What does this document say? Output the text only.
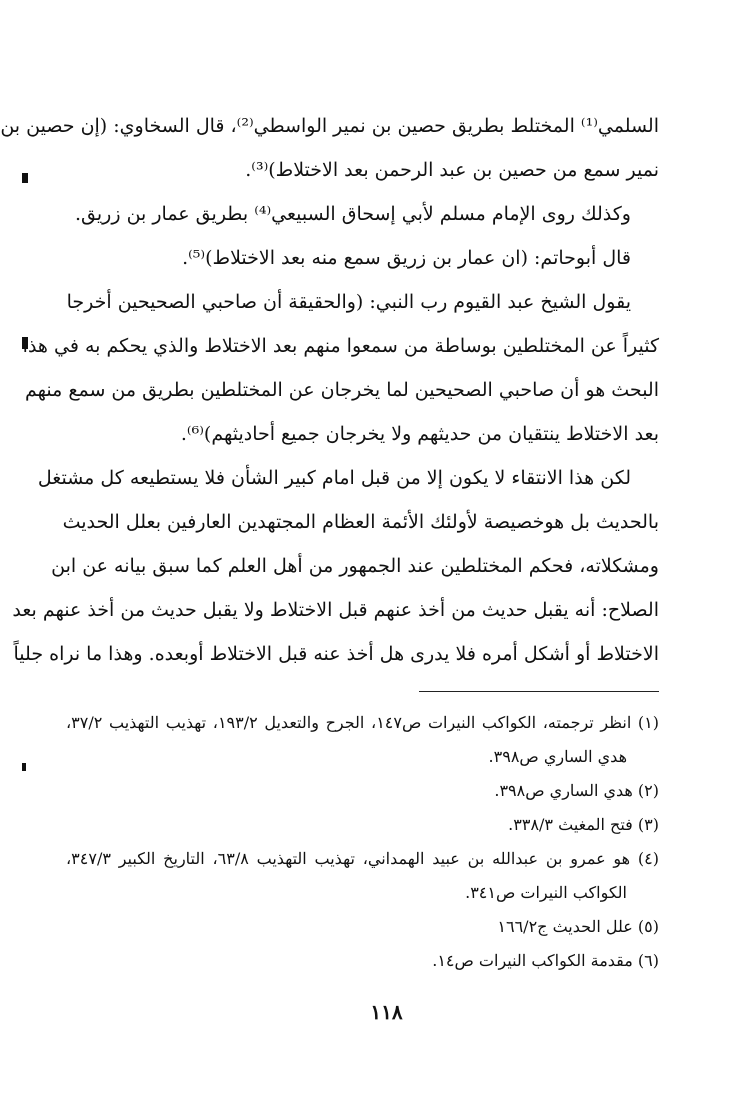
السلمي⁽¹⁾ المختلط بطريق حصين بن نمير الواسطي⁽²⁾، قال السخاوي: (إن حصين بن
نمير سمع من حصين بن عبد الرحمن بعد الاختلاط)⁽³⁾.
وكذلك روى الإمام مسلم لأبي إسحاق السبيعي⁽⁴⁾ بطريق عمار بن زريق.
قال أبوحاتم: (ان عمار بن زريق سمع منه بعد الاختلاط)⁽⁵⁾.
يقول الشيخ عبد القيوم رب النبي: (والحقيقة أن صاحبي الصحيحين أخرجا
كثيراً عن المختلطين بوساطة من سمعوا منهم بعد الاختلاط والذي يحكم به في هذا
البحث هو أن صاحبي الصحيحين لما يخرجان عن المختلطين بطريق من سمع منهم
بعد الاختلاط ينتقيان من حديثهم ولا يخرجان جميع أحاديثهم)⁽⁶⁾.
لكن هذا الانتقاء لا يكون إلا من قبل امام كبير الشأن فلا يستطيعه كل مشتغل
بالحديث بل هوخصيصة لأولئك الأئمة العظام المجتهدين العارفين بعلل الحديث
ومشكلاته، فحكم المختلطين عند الجمهور من أهل العلم كما سبق بيانه عن ابن
الصلاح: أنه يقبل حديث من أخذ عنهم قبل الاختلاط ولا يقبل حديث من أخذ عنهم بعد
الاختلاط أو أشكل أمره فلا يدرى هل أخذ عنه قبل الاختلاط أوبعده. وهذا ما نراه جلياً
(١) انظر ترجمته، الكواكب النيرات ص١٤٧، الجرح والتعديل ١٩٣/٢، تهذيب التهذيب ٣٧/٢،
هدي الساري ص٣٩٨.
(٢) هدي الساري ص٣٩٨.
(٣) فتح المغيث ٣٣٨/٣.
(٤) هو عمرو بن عبدالله بن عبيد الهمداني، تهذيب التهذيب ٦٣/٨، التاريخ الكبير ٣٤٧/٣،
الكواكب النيرات ص٣٤١.
(٥) علل الحديث ج١٦٦/٢
(٦) مقدمة الكواكب النيرات ص١٤.
١١٨
